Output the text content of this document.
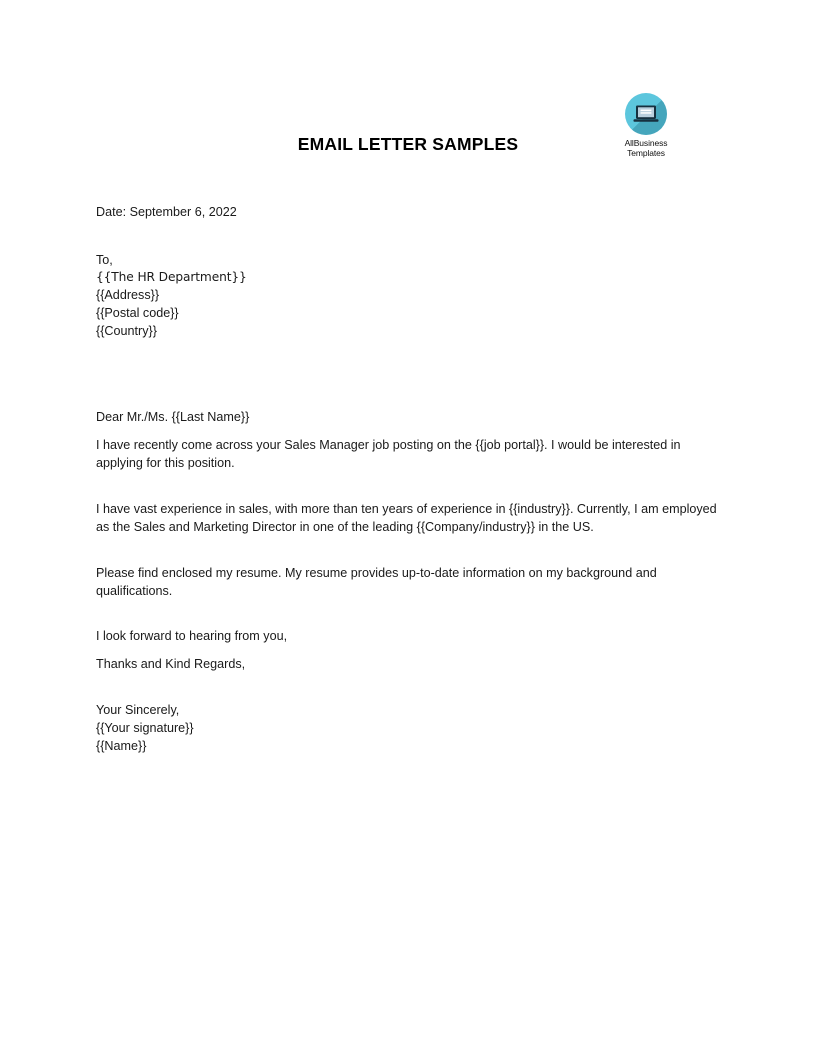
EMAIL LETTER SAMPLES	AllBusiness
Templates
Date: September 6, 2022
To,
{{The HR Department}}
{{Address}}
{{Postal code}}
{{Country}}
Dear Mr./Ms. {{Last Name}}
I have recently come across your Sales Manager job posting on the {{job portal}}. I would be interested in applying for this position.
I have vast experience in sales, with more than ten years of experience in {{industry}}. Currently, I am employed as the Sales and Marketing Director in one of the leading {{Company/industry}} in the US.
Please find enclosed my resume. My resume provides up-to-date information on my background and qualifications.
I look forward to hearing from you,
Thanks and Kind Regards,
Your Sincerely,
{{Your signature}}
{{Name}}
